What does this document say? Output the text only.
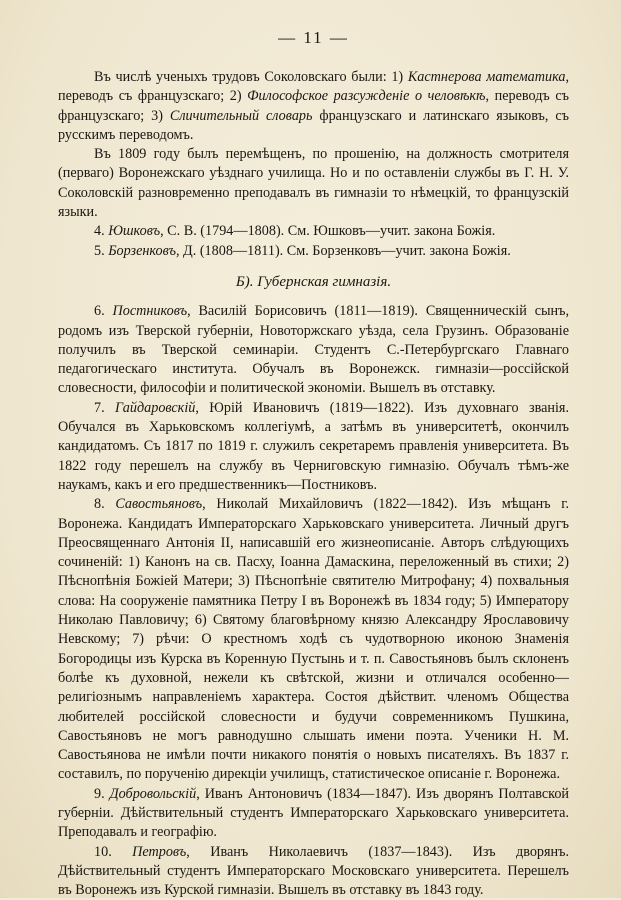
— 11 —

Въ числѣ ученыхъ трудовъ Соколовскаго были: 1) Кастнерова математика, переводъ съ французскаго; 2) Философское разсужденіе о человѣкѣ, переводъ съ французскаго; 3) Сличительный словарь французскаго и латинскаго языковъ, съ русскимъ переводомъ.

Въ 1809 году былъ перемѣщенъ, по прошенію, на должность смотрителя (перваго) Воронежскаго уѣзднаго училища. Но и по оставленіи службы въ Г. Н. У. Соколовскій разновременно преподавалъ въ гимназіи то нѣмецкій, то французскій языки.

4. Юшковъ, С. В. (1794—1808). См. Юшковъ—учит. закона Божія.

5. Борзенковъ, Д. (1808—1811). См. Борзенковъ—учит. закона Божія.

Б). Губернская гимназія.

6. Постниковъ, Василій Борисовичъ (1811—1819). Священническій сынъ, родомъ изъ Тверской губерніи, Новоторжскаго уѣзда, села Грузинъ. Образованіе получилъ въ Тверской семинаріи. Студентъ С.-Петербургскаго Главнаго педагогическаго института. Обучалъ въ Воронежск. гимназіи—россійской словесности, философіи и политической экономіи. Вышелъ въ отставку.

7. Гайдаровскій, Юрій Ивановичъ (1819—1822). Изъ духовнаго званія. Обучался въ Харьковскомъ коллегіумѣ, а затѣмъ въ университетѣ, окончилъ кандидатомъ. Съ 1817 по 1819 г. служилъ секретаремъ правленія университета. Въ 1822 году перешелъ на службу въ Черниговскую гимназію. Обучалъ тѣмъ-же наукамъ, какъ и его предшественникъ—Постниковъ.

8. Савостьяновъ, Николай Михайловичъ (1822—1842). Изъ мѣщанъ г. Воронежа. Кандидатъ Императорскаго Харьковскаго университета. Личный другъ Преосвященнаго Антонія II, написавшій его жизнеописаніе. Авторъ слѣдующихъ сочиненій: 1) Канонъ на св. Пасху, Іоанна Дамаскина, переложенный въ стихи; 2) Пѣснопѣнія Божіей Матери; 3) Пѣснопѣніе святителю Митрофану; 4) похвальныя слова: На сооруженіе памятника Петру I въ Воронежѣ въ 1834 году; 5) Императору Николаю Павловичу; 6) Святому благовѣрному князю Александру Ярославовичу Невскому; 7) рѣчи: О крестномъ ходѣ съ чудотворною иконою Знаменія Богородицы изъ Курска въ Коренную Пустынь и т. п. Савостьяновъ былъ склоненъ болѣе къ духовной, нежели къ свѣтской, жизни и отличался особенно—религіознымъ направленіемъ характера. Состоя дѣйствит. членомъ Общества любителей россійской словесности и будучи современникомъ Пушкина, Савостьяновъ не могъ равнодушно слышать имени поэта. Ученики Н. М. Савостьянова не имѣли почти никакого понятія о новыхъ писателяхъ. Въ 1837 г. составилъ, по порученію дирекціи училищъ, статистическое описаніе г. Воронежа.

9. Добровольскій, Иванъ Антоновичъ (1834—1847). Изъ дворянъ Полтавской губерніи. Дѣйствительный студентъ Императорскаго Харьковскаго университета. Преподавалъ и географію.

10. Петровъ, Иванъ Николаевичъ (1837—1843). Изъ дворянъ. Дѣйствительный студентъ Императорскаго Московскаго университета. Перешелъ въ Воронежъ изъ Курской гимназіи. Вышелъ въ отставку въ 1843 году.
